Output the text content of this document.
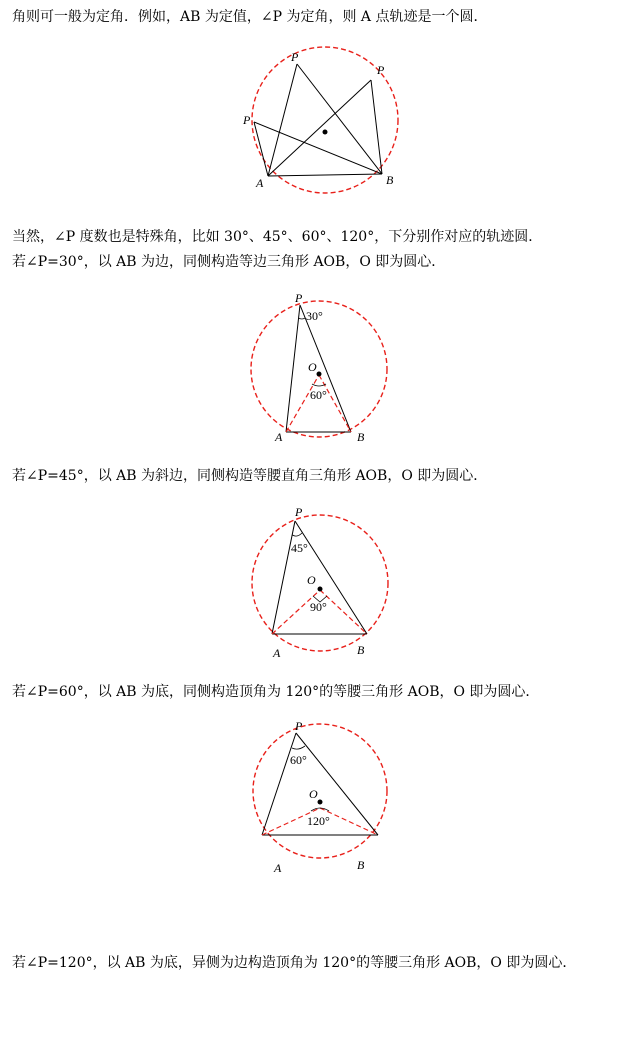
角则可一般为定角．例如，AB 为定值，∠P 为定角，则 A 点轨迹是一个圆．
P
P
P
A	B
当然，∠P 度数也是特殊角，比如 30°、45°、60°、120°，下分别作对应的轨迹圆．
若∠P=30°，以 AB 为边，同侧构造等边三角形 AOB，O 即为圆心．
P
30°
O
60°
A	B
若∠P=45°，以 AB 为斜边，同侧构造等腰直角三角形 AOB，O 即为圆心．
P
45°
O
90°
A	B
若∠P=60°，以 AB 为底，同侧构造顶角为 120°的等腰三角形 AOB，O 即为圆心．
P
60°
O
120°
A	B
若∠P=120°，以 AB 为底，异侧为边构造顶角为 120°的等腰三角形 AOB，O 即为圆心．
